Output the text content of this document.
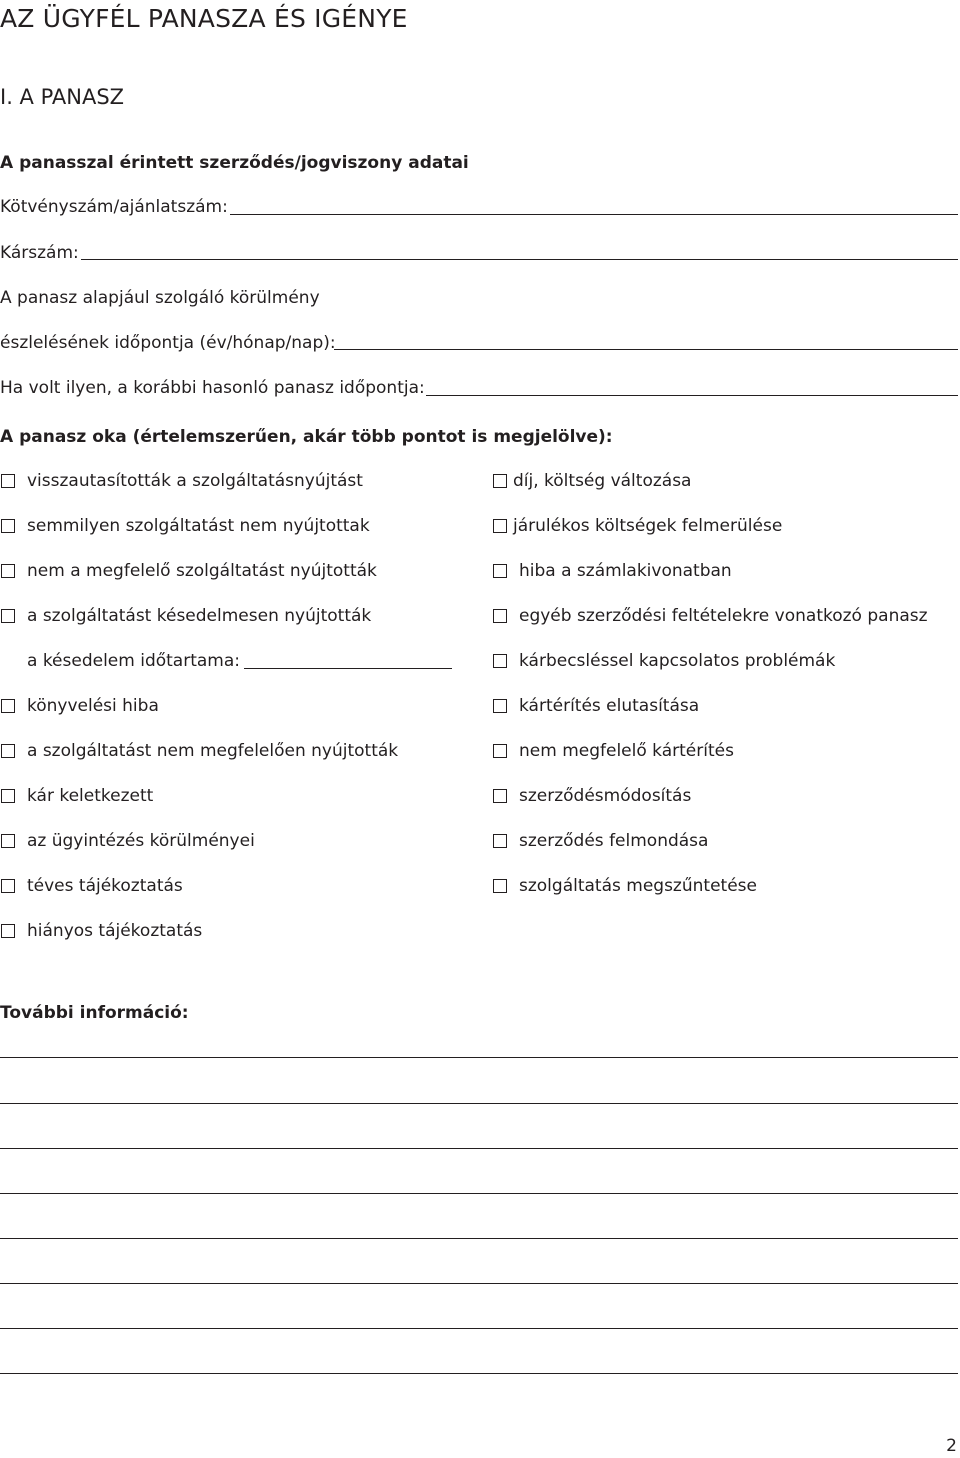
AZ ÜGYFÉL PANASZA ÉS IGÉNYE
I. A PANASZ
A panasszal érintett szerződés/jogviszony adatai
Kötvényszám/ajánlatszám:
Kárszám:
A panasz alapjául szolgáló körülmény
észlelésének időpontja (év/hónap/nap):
Ha volt ilyen, a korábbi hasonló panasz időpontja:
A panasz oka (értelemszerűen, akár több pontot is megjelölve):
visszautasították a szolgáltatásnyújtást
semmilyen szolgáltatást nem nyújtottak
nem a megfelelő szolgáltatást nyújtották
a szolgáltatást késedelmesen nyújtották
a késedelem időtartama:
könyvelési hiba
a szolgáltatást nem megfelelően nyújtották
kár keletkezett
az ügyintézés körülményei
téves tájékoztatás
hiányos tájékoztatás
díj, költség változása
járulékos költségek felmerülése
hiba a számlakivonatban
egyéb szerződési feltételekre vonatkozó panasz
kárbecsléssel kapcsolatos problémák
kártérítés elutasítása
nem megfelelő kártérítés
szerződésmódosítás
szerződés felmondása
szolgáltatás megszűntetése
További információ:
2
